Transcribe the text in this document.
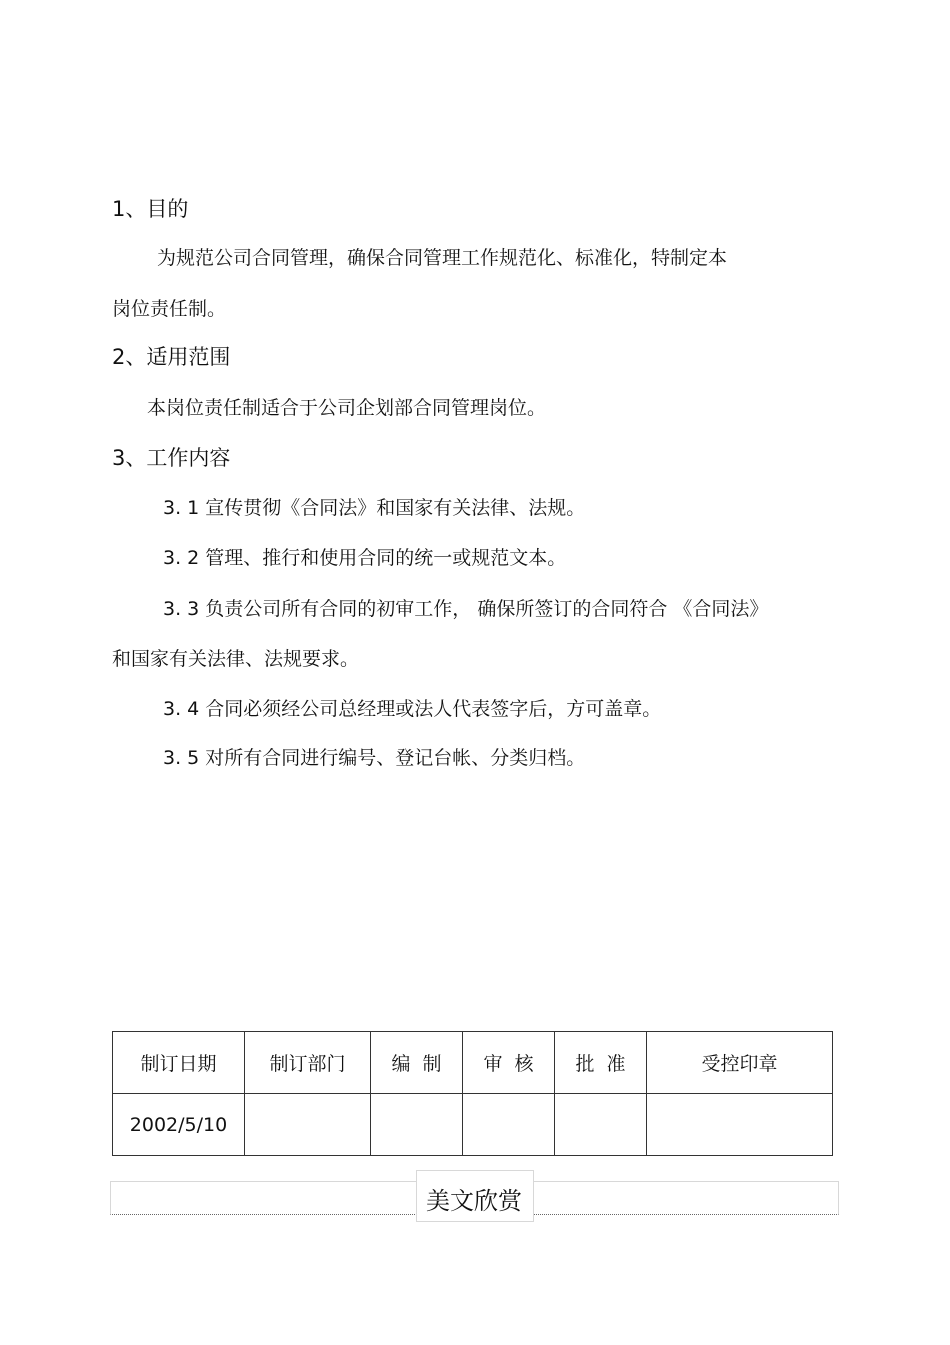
1、目的
为规范公司合同管理，确保合同管理工作规范化、标准化，特制定本
岗位责任制。
2、适用范围
本岗位责任制适合于公司企划部合同管理岗位。
3、工作内容
3. 1 宣传贯彻《合同法》和国家有关法律、法规。
3. 2 管理、推行和使用合同的统一或规范文本。
3. 3 负责公司所有合同的初审工作， 确保所签订的合同符合 《合同法》
和国家有关法律、法规要求。
3. 4 合同必须经公司总经理或法人代表签字后，方可盖章。
3. 5 对所有合同进行编号、登记台帐、分类归档。
制订日期	制订部门	编  制	审  核	批  准	受控印章
2002/5/10					
美文欣赏
